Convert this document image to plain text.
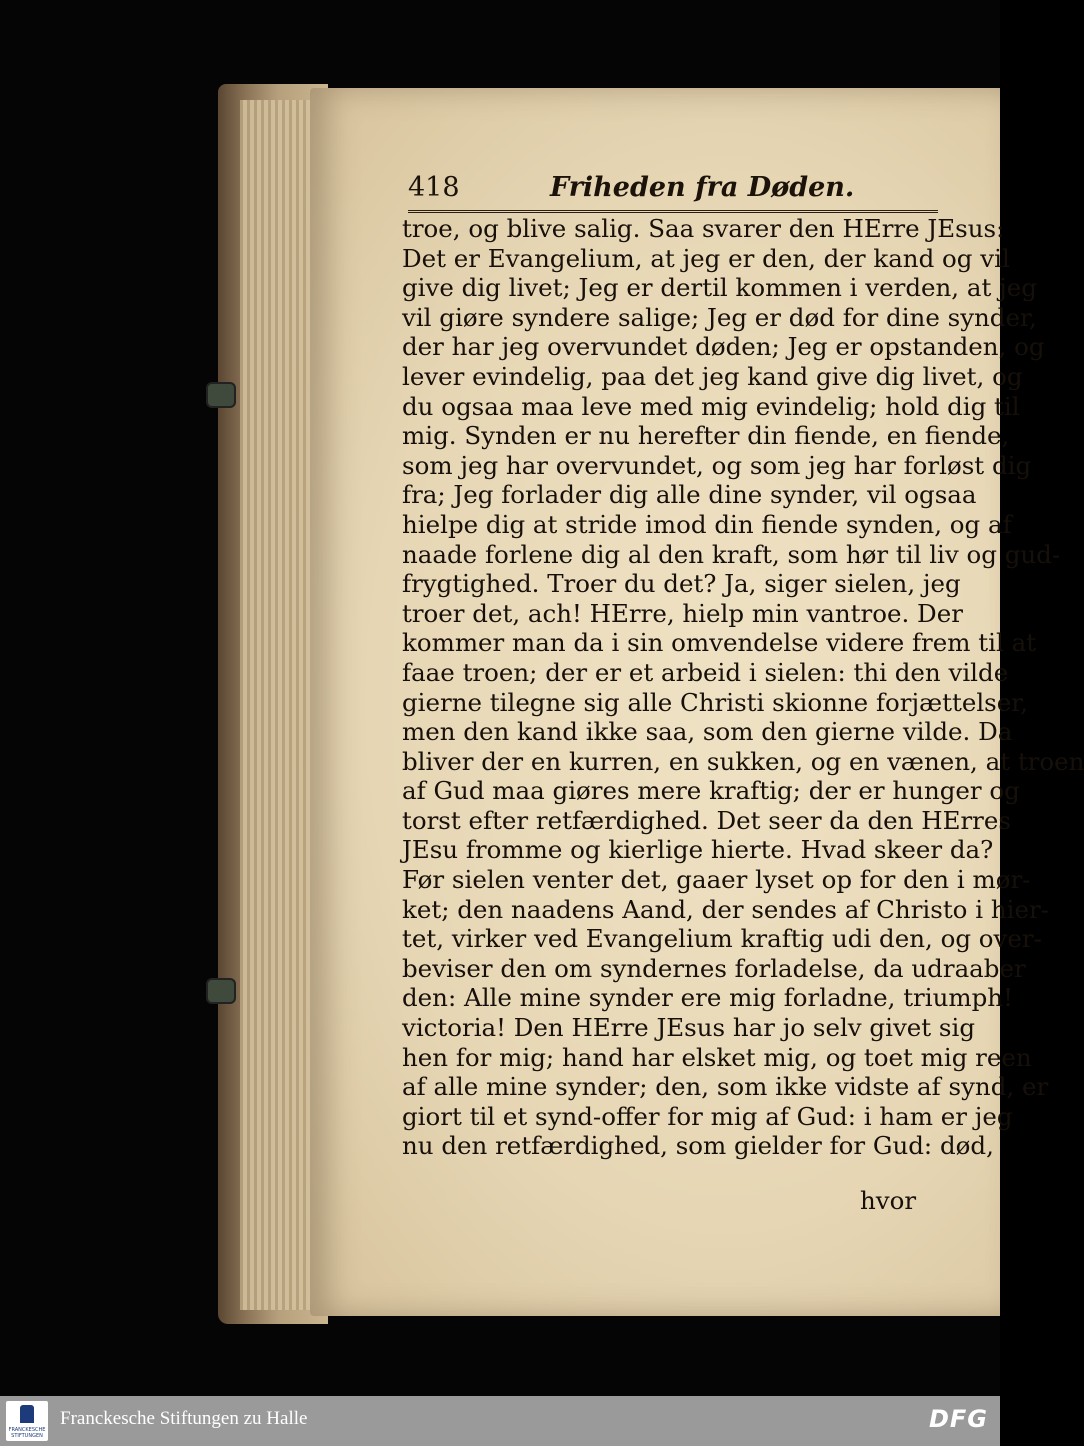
418	Friheden fra Døden.
troe, og blive salig. Saa svarer den HErre JEsus:
Det er Evangelium, at jeg er den, der kand og vil
give dig livet; Jeg er dertil kommen i verden, at jeg
vil giøre syndere salige; Jeg er død for dine synder,
der har jeg overvundet døden; Jeg er opstanden, og
lever evindelig, paa det jeg kand give dig livet, og
du ogsaa maa leve med mig evindelig; hold dig til
mig. Synden er nu herefter din fiende, en fiende,
som jeg har overvundet, og som jeg har forløst dig
fra; Jeg forlader dig alle dine synder, vil ogsaa
hielpe dig at stride imod din fiende synden, og af
naade forlene dig al den kraft, som hør til liv og gud-
frygtighed. Troer du det? Ja, siger sielen, jeg
troer det, ach! HErre, hielp min vantroe. Der
kommer man da i sin omvendelse videre frem til at
faae troen; der er et arbeid i sielen: thi den vilde
gierne tilegne sig alle Christi skionne forjættelser,
men den kand ikke saa, som den gierne vilde. Da
bliver der en kurren, en sukken, og en vænen, at troen
af Gud maa giøres mere kraftig; der er hunger og
torst efter retfærdighed. Det seer da den HErres
JEsu fromme og kierlige hierte. Hvad skeer da?
Før sielen venter det, gaaer lyset op for den i mør-
ket; den naadens Aand, der sendes af Christo i hier-
tet, virker ved Evangelium kraftig udi den, og over-
beviser den om syndernes forladelse, da udraaber
den: Alle mine synder ere mig forladne, triumph!
victoria! Den HErre JEsus har jo selv givet sig
hen for mig; hand har elsket mig, og toet mig reen
af alle mine synder; den, som ikke vidste af synd, er
giort til et synd-offer for mig af Gud: i ham er jeg
nu den retfærdighed, som gielder for Gud: død,
hvor
FRANCKESCHE STIFTUNGEN
Franckesche Stiftungen zu Halle	DFG
